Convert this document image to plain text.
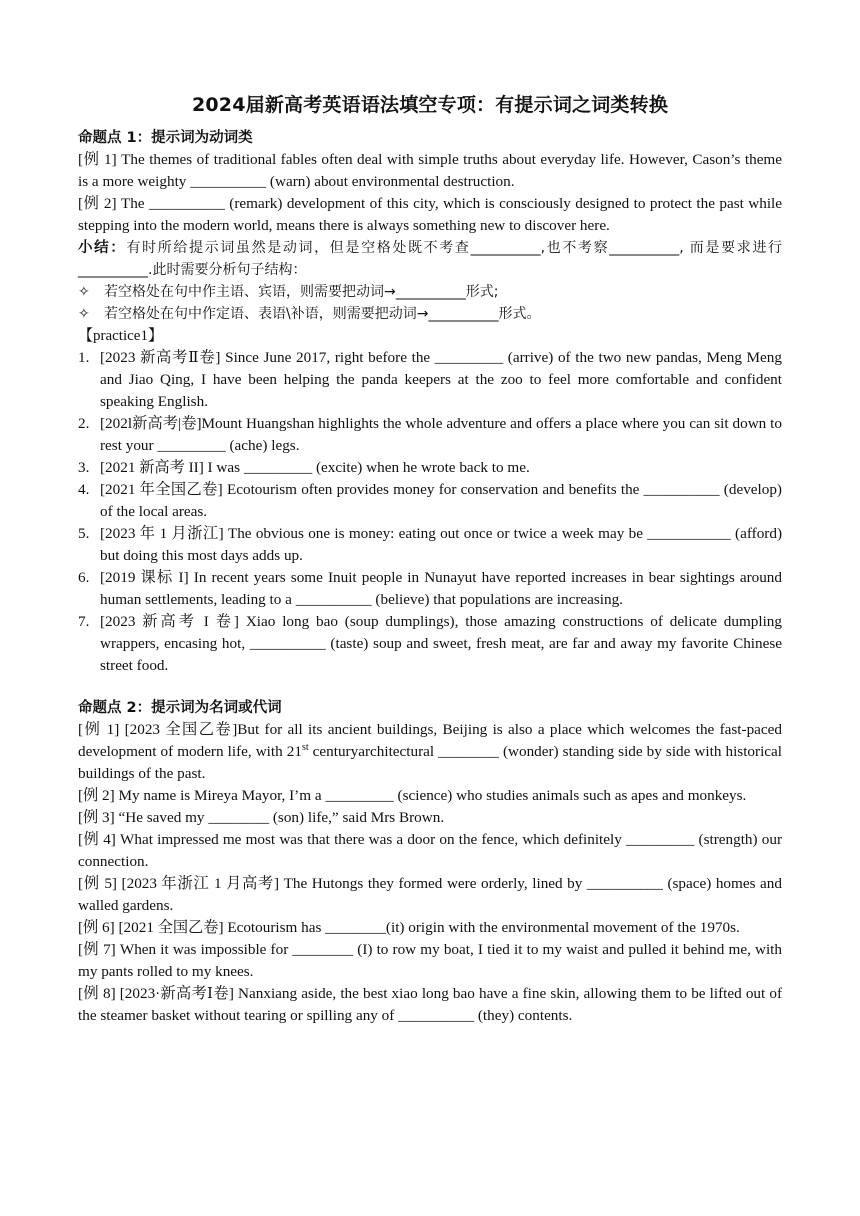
2024届新高考英语语法填空专项：有提示词之词类转换

命题点 1：提示词为动词类

[例 1] The themes of traditional fables often deal with simple truths about everyday life. However, Cason’s theme is a more weighty __________ (warn) about environmental destruction.

[例 2] The __________ (remark) development of this city, which is consciously designed to protect the past while stepping into the modern world, means there is always something new to discover here.

小结：有时所给提示词虽然是动词，但是空格处既不考查__________,也不考察__________, 而是要求进行__________.此时需要分析句子结构：

✧	若空格处在句中作主语、宾语，则需要把动词→__________形式;

✧	若空格处在句中作定语、表语\补语，则需要把动词→__________形式。

【practice1】

1. [2023 新高考Ⅱ卷] Since June 2017, right before the _________ (arrive) of the two new pandas, Meng Meng and Jiao Qing, I have been helping the panda keepers at the zoo to feel more comfortable and confident speaking English.
2. [202l新高考|卷]Mount Huangshan highlights the whole adventure and offers a place where you can sit down to rest your _________ (ache) legs.
3. [2021 新高考 II] I was _________ (excite) when he wrote back to me.
4. [2021 年全国乙卷] Ecotourism often provides money for conservation and benefits the __________ (develop) of the local areas.
5. [2023 年 1 月浙江] The obvious one is money: eating out once or twice a week may be ___________ (afford) but doing this most days adds up.
6. [2019 课标 I] In recent years some Inuit people in Nunayut have reported increases in bear sightings around human settlements, leading to a __________ (believe) that populations are increasing.
7. [2023 新高考 I 卷] Xiao long bao (soup dumplings), those amazing constructions of delicate dumpling wrappers, encasing hot, __________ (taste) soup and sweet, fresh meat, are far and away my favorite Chinese street food.

命题点 2：提示词为名词或代词

[例 1] [2023 全国乙卷]But for all its ancient buildings, Beijing is also a place which welcomes the fast-paced development of modern life, with 21st centuryarchitectural ________ (wonder) standing side by side with historical buildings of the past.

[例 2] My name is Mireya Mayor, I’m a _________ (science) who studies animals such as apes and monkeys.

[例 3] “He saved my ________ (son) life,” said Mrs Brown.

[例 4] What impressed me most was that there was a door on the fence, which definitely _________ (strength) our connection.

[例 5] [2023 年浙江 1 月高考] The Hutongs they formed were orderly, lined by __________ (space) homes and walled gardens.

[例 6] [2021 全国乙卷] Ecotourism has ________(it) origin with the environmental movement of the 1970s.

[例 7] When it was impossible for ________ (I) to row my boat, I tied it to my waist and pulled it behind me, with my pants rolled to my knees.

[例 8] [2023·新高考Ⅰ卷] Nanxiang aside, the best xiao long bao have a fine skin, allowing them to be lifted out of the steamer basket without tearing or spilling any of __________ (they) contents.
